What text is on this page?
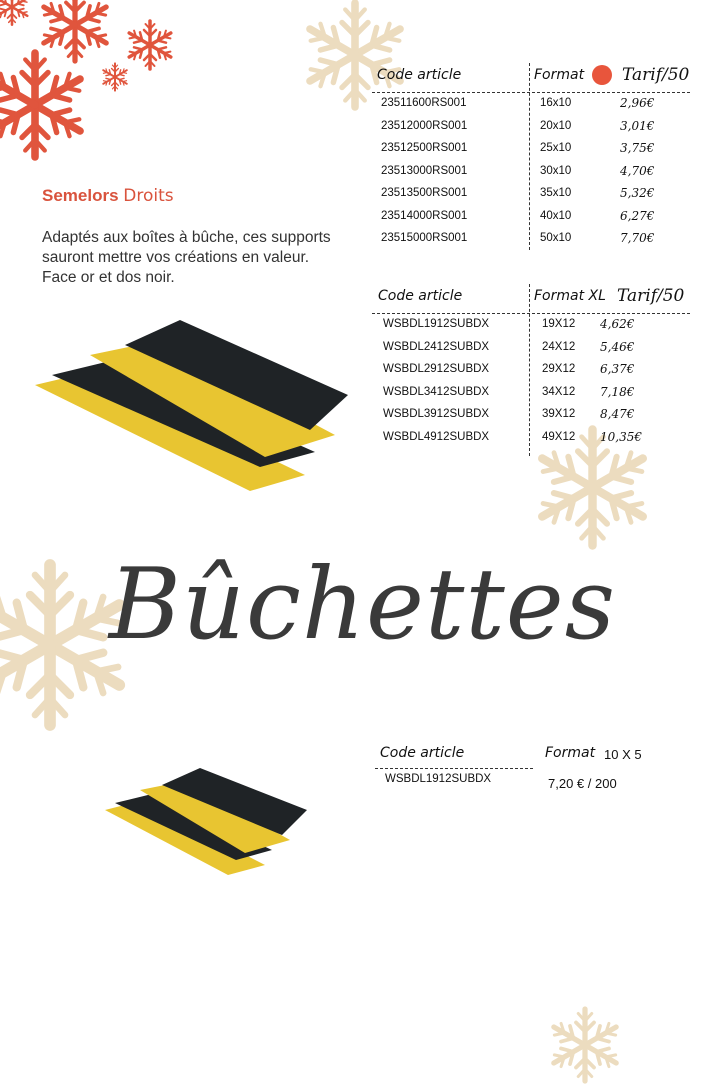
Semelors Droits
Adaptés aux boîtes à bûche, ces supports sauront mettre vos créations en valeur. Face or et dos noir.
Code article	Format Tarif/50
23511600RS001	16x10	2,96€
23512000RS001	20x10	3,01€
23512500RS001	25x10	3,75€
23513000RS001	30x10	4,70€
23513500RS001	35x10	5,32€
23514000RS001	40x10	6,27€
23515000RS001	50x10	7,70€
Code article	Format XL Tarif/50
WSBDL1912SUBDX	19X12 4,62€
WSBDL2412SUBDX	24X12 5,46€
WSBDL2912SUBDX	29X12 6,37€
WSBDL3412SUBDX	34X12 7,18€
WSBDL3912SUBDX	39X12 8,47€
WSBDL4912SUBDX	49X12 10,35€
Bûchettes
Code article	Format 10 X 5
WSBDL1912SUBDX	7,20 € / 200
